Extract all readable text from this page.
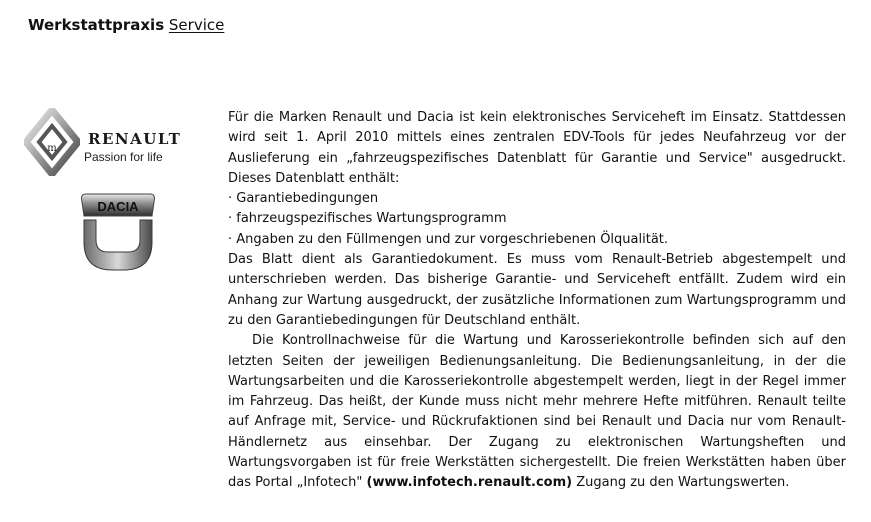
Werkstattpraxis Service
m
RENAULT
Passion for life
DACIA

Für die Marken Renault und Dacia ist kein elektronisches Serviceheft im Einsatz. Stattdessen wird seit 1. April 2010 mittels eines zentralen EDV-Tools für jedes Neufahrzeug vor der Auslieferung ein „fahrzeugspezifisches Datenblatt für Garantie und Service" ausgedruckt. Dieses Datenblatt enthält:

· Garantiebedingungen
· fahrzeugspezifisches Wartungsprogramm
· Angaben zu den Füllmengen und zur vorgeschriebenen Ölqualität.

Das Blatt dient als Garantiedokument. Es muss vom Renault-Betrieb abgestempelt und unterschrieben werden. Das bisherige Garantie- und Serviceheft entfällt. Zudem wird ein Anhang zur Wartung ausgedruckt, der zusätzliche Informationen zum Wartungsprogramm und zu den Garantiebedingungen für Deutschland enthält.

Die Kontrollnachweise für die Wartung und Karosseriekontrolle befinden sich auf den letzten Seiten der jeweiligen Bedienungsanleitung. Die Bedienungsanleitung, in der die Wartungsarbeiten und die Karosseriekontrolle abgestempelt werden, liegt in der Regel immer im Fahrzeug. Das heißt, der Kunde muss nicht mehr mehrere Hefte mitführen. Renault teilte auf Anfrage mit, Service- und Rückrufaktionen sind bei Renault und Dacia nur vom Renault-Händlernetz aus einsehbar. Der Zugang zu elektronischen Wartungsheften und Wartungsvorgaben ist für freie Werkstätten sichergestellt. Die freien Werkstätten haben über das Portal „Infotech" (www.infotech.renault.com) Zugang zu den Wartungswerten.
